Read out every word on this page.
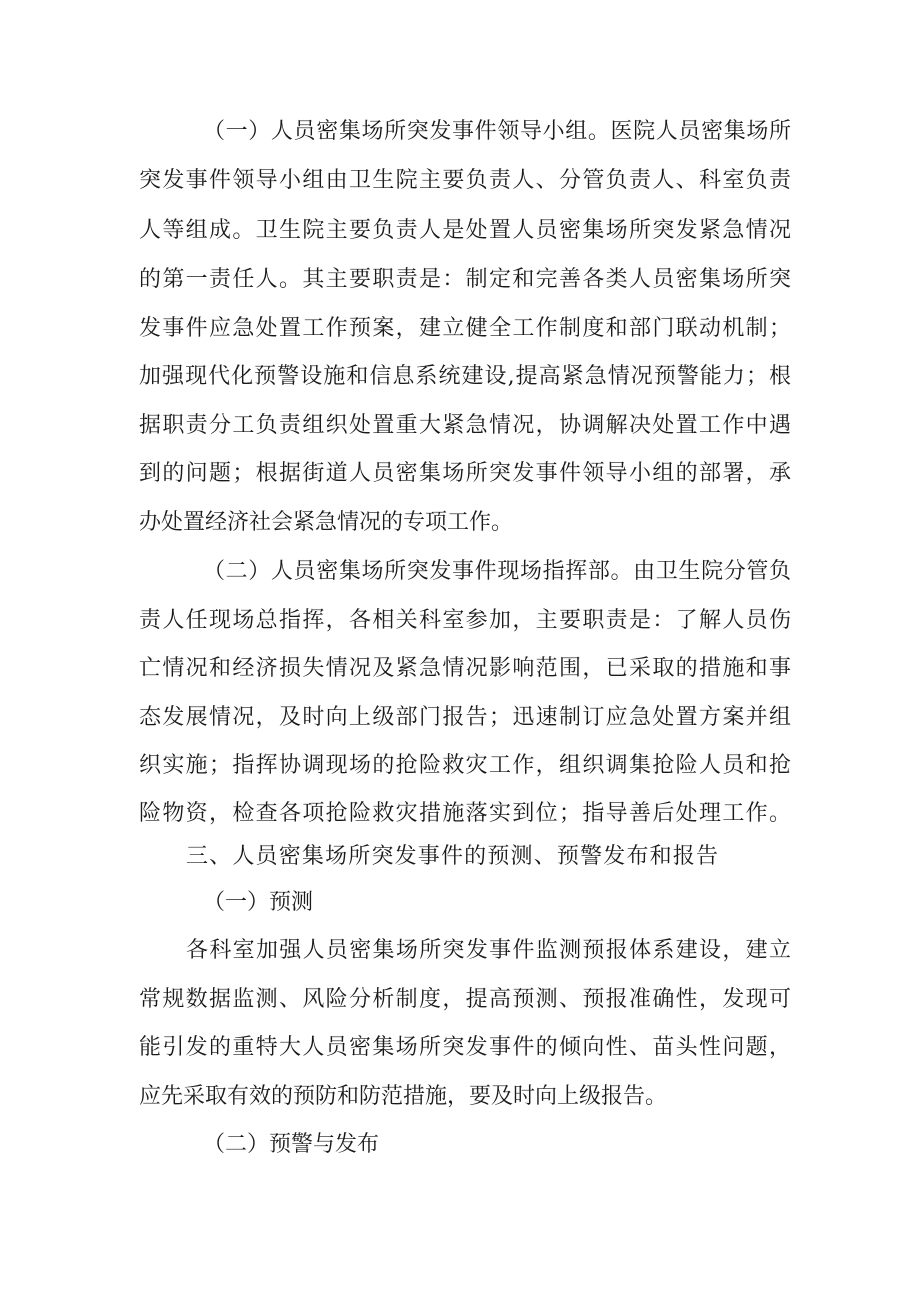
（一）人员密集场所突发事件领导小组。医院人员密集场所
突发事件领导小组由卫生院主要负责人、分管负责人、科室负责
人等组成。卫生院主要负责人是处置人员密集场所突发紧急情况
的第一责任人。其主要职责是：制定和完善各类人员密集场所突
发事件应急处置工作预案，建立健全工作制度和部门联动机制；
加强现代化预警设施和信息系统建设,提高紧急情况预警能力；根
据职责分工负责组织处置重大紧急情况，协调解决处置工作中遇
到的问题；根据街道人员密集场所突发事件领导小组的部署，承
办处置经济社会紧急情况的专项工作。
（二）人员密集场所突发事件现场指挥部。由卫生院分管负
责人任现场总指挥，各相关科室参加，主要职责是：了解人员伤
亡情况和经济损失情况及紧急情况影响范围，已采取的措施和事
态发展情况，及时向上级部门报告；迅速制订应急处置方案并组
织实施；指挥协调现场的抢险救灾工作，组织调集抢险人员和抢
险物资，检查各项抢险救灾措施落实到位；指导善后处理工作。
三、人员密集场所突发事件的预测、预警发布和报告
（一）预测
各科室加强人员密集场所突发事件监测预报体系建设，建立
常规数据监测、风险分析制度，提高预测、预报准确性，发现可
能引发的重特大人员密集场所突发事件的倾向性、苗头性问题，
应先采取有效的预防和防范措施，要及时向上级报告。
（二）预警与发布
